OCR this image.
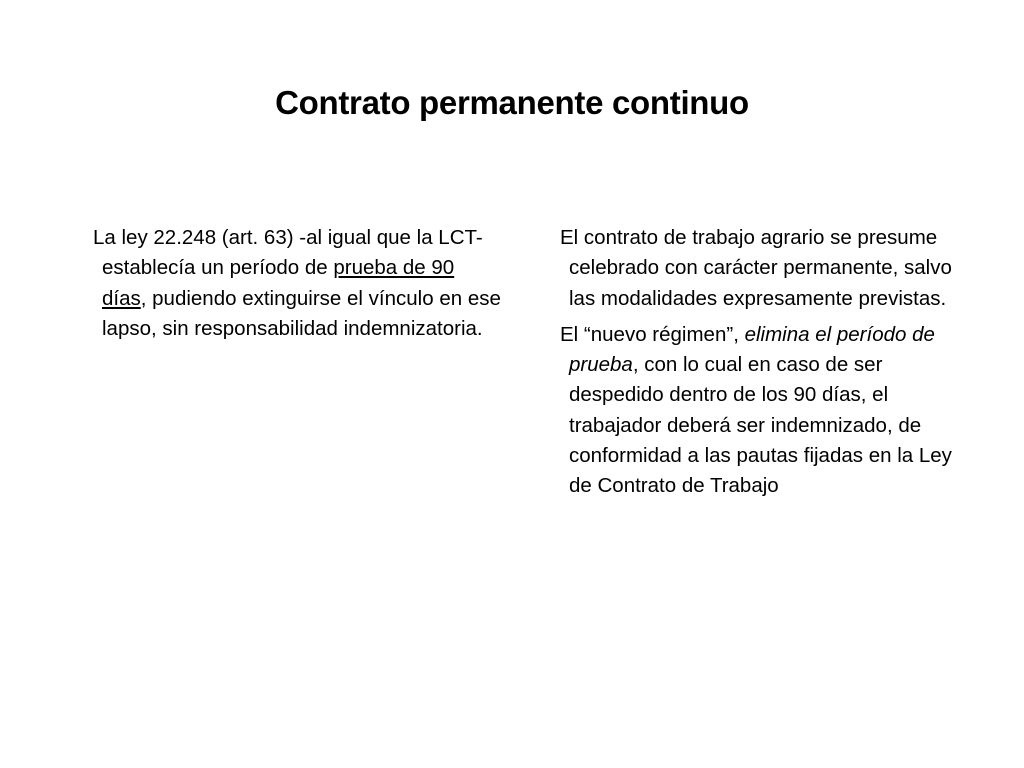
Contrato permanente continuo

La ley 22.248 (art. 63) -al igual que la LCT- establecía un período de prueba de 90 días, pudiendo extinguirse el vínculo en ese lapso, sin responsabilidad indemnizatoria.

El contrato de trabajo agrario se presume celebrado con carácter permanente, salvo las modalidades expresamente previstas.

El “nuevo régimen”, elimina el período de prueba, con lo cual en caso de ser despedido dentro de los 90 días, el trabajador deberá ser indemnizado, de conformidad a las pautas fijadas en la Ley de Contrato de Trabajo
